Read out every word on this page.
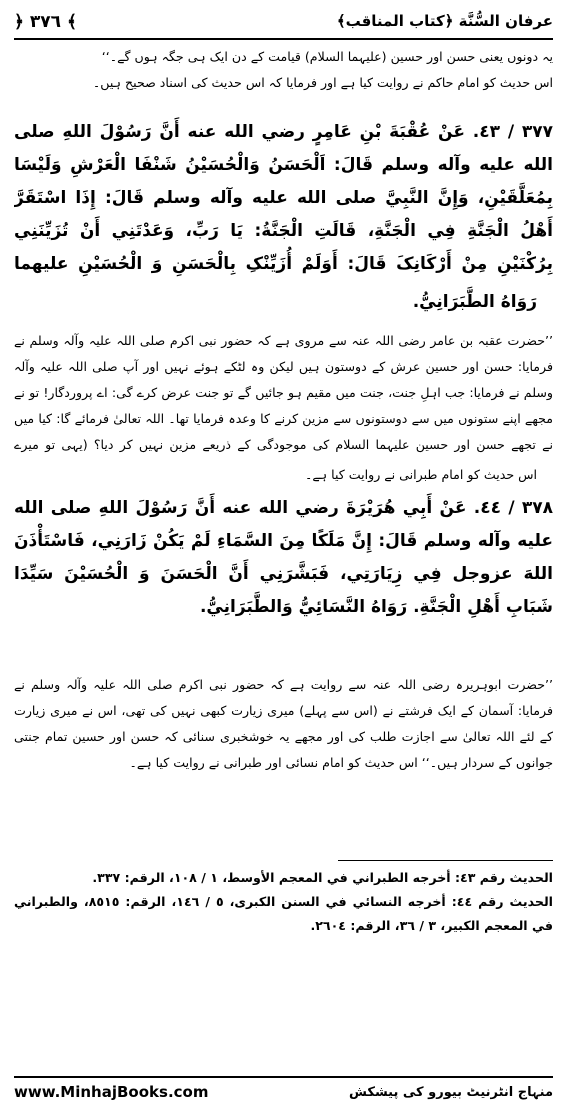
عرفان السُّنَّة ﴿كتاب المناقب﴾
﴿ ٣٧٦ ﴾
یہ دونوں یعنی حسن اور حسین (علیہما السلام) قیامت کے دن ایک ہی جگہ ہوں گے۔‘‘
اس حدیث کو امام حاکم نے روایت کیا ہے اور فرمایا کہ اس حدیث کی اسناد صحیح ہیں۔
٣٧٧ / ٤٣. عَنْ عُقْبَةَ بْنِ عَامِرٍ رضي الله عنه أَنَّ رَسُوْلَ اللهِ صلى الله عليه وآله وسلم قَالَ: اَلْحَسَنُ وَالْحُسَيْنُ شَنْفَا الْعَرْشِ وَلَيْسَا بِمُعَلَّقَيْنِ، وَإِنَّ النَّبِيَّ صلى الله عليه وآله وسلم قَالَ: إِذَا اسْتَقَرَّ أَهْلُ الْجَنَّةِ فِي الْجَنَّةِ، قَالَتِ الْجَنَّةُ: يَا رَبِّ، وَعَدْتَنِي أَنْ تُزَيِّنَنِي بِرُكْنَيْنِ مِنْ أَرْكَانِکَ قَالَ: أَوَلَمْ أُزَيِّنْکِ بِالْحَسَنِ وَ الْحُسَيْنِ عليهما
رَوَاهُ الطَّبَرَانِيُّ.
’’حضرت عقبہ بن عامر رضی اللہ عنہ سے مروی ہے کہ حضور نبی اکرم صلی اللہ علیہ وآلہ وسلم نے فرمایا: حسن اور حسین عرش کے دوستون ہیں لیکن وہ لٹکے ہوئے نہیں اور آپ صلی اللہ علیہ وآلہ وسلم نے فرمایا: جب اہلِ جنت، جنت میں مقیم ہو جائیں گے تو جنت عرض کرے گی: اے پروردگار! تو نے مجھے اپنے ستونوں میں سے دوستونوں سے مزین کرنے کا وعدہ فرمایا تھا۔ اللہ تعالیٰ فرمائے گا: کیا میں نے تجھے حسن اور حسین علیہما السلام کی موجودگی کے ذریعے مزین نہیں کر دیا؟ (یہی تو میرے
اس حدیث کو امام طبرانی نے روایت کیا ہے۔
٣٧٨ / ٤٤. عَنْ أَبِي هُرَيْرَةَ رضي الله عنه أَنَّ رَسُوْلَ اللهِ صلى الله عليه وآله وسلم قَالَ: إِنَّ مَلَکًا مِنَ السَّمَاءِ لَمْ يَکُنْ زَارَنِي، فَاسْتَأْذَنَ اللهَ عزوجل فِي زِيَارَتِي، فَبَشَّرَنِي أَنَّ الْحَسَنَ وَ الْحُسَيْنَ سَيِّدَا شَبَابِ أَهْلِ الْجَنَّةِ. رَوَاهُ النَّسَائِيُّ وَالطَّبَرَانِيُّ.
’’حضرت ابوہریرہ رضی اللہ عنہ سے روایت ہے کہ حضور نبی اکرم صلی اللہ علیہ وآلہ وسلم نے فرمایا: آسمان کے ایک فرشتے نے (اس سے پہلے) میری زیارت کبھی نہیں کی تھی، اس نے میری زیارت کے لئے اللہ تعالیٰ سے اجازت طلب کی اور مجھے یہ خوشخبری سنائی کہ حسن اور حسین تمام جنتی جوانوں کے سردار ہیں۔‘‘ اس حدیث کو امام نسائی اور طبرانی نے روایت کیا ہے۔
الحديث رقم ٤٣: أخرجه الطبراني في المعجم الأوسط، ١ / ١٠٨، الرقم: ٣٣٧.
الحديث رقم ٤٤: أخرجه النسائي في السنن الکبری، ٥ / ١٤٦، الرقم: ٨٥١٥، والطبراني في المعجم الکبير، ٣ / ٣٦، الرقم: ٢٦٠٤.
www.MinhajBooks.com	منہاج انٹرنیٹ بیورو کی پیشکش
